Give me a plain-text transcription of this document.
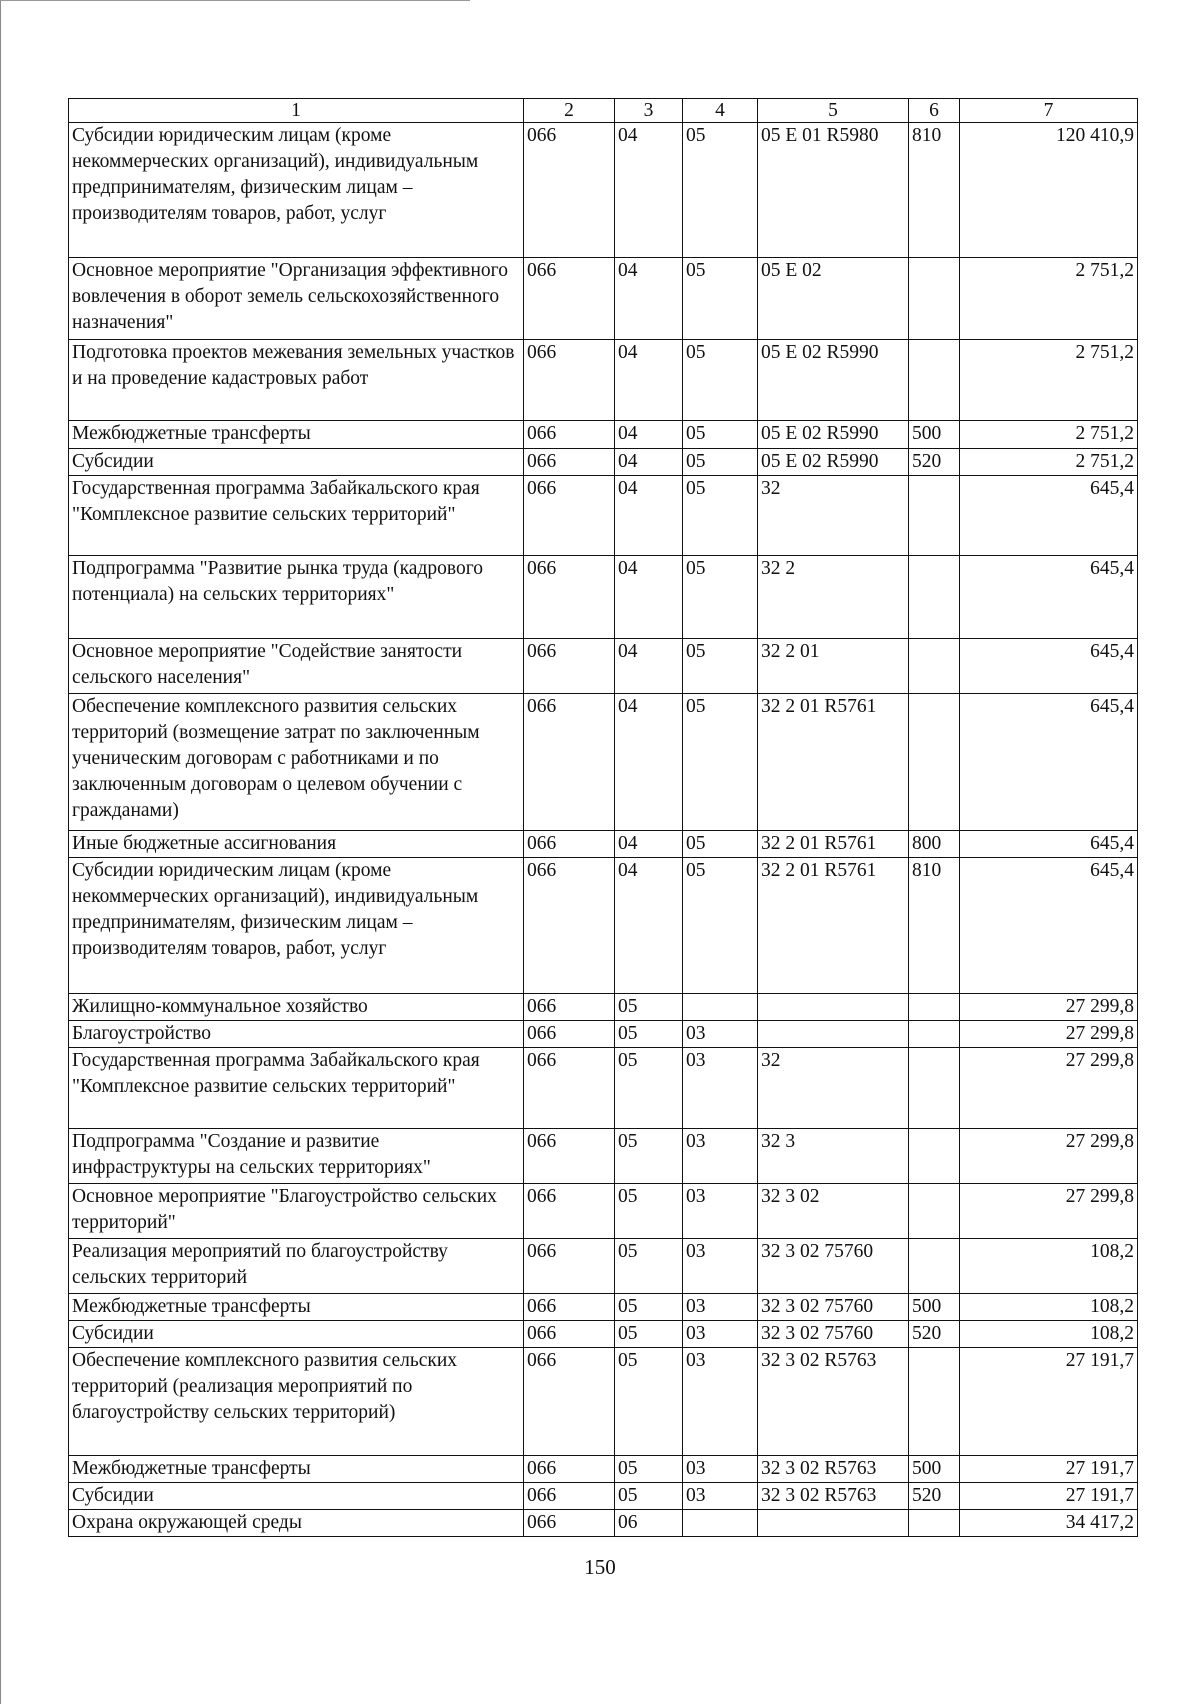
1	2	3	4	5	6	7
Субсидии юридическим лицам (кроме некоммерческих организаций), индивидуальным предпринимателям, физическим лицам – производителям товаров, работ, услуг	066	04	05	05 Е 01 R5980	810	120 410,9
Основное мероприятие "Организация эффективного вовлечения в оборот земель сельскохозяйственного назначения"	066	04	05	05 Е 02		2 751,2
Подготовка проектов межевания земельных участков и на проведение кадастровых работ	066	04	05	05 Е 02 R5990		2 751,2
Межбюджетные трансферты	066	04	05	05 Е 02 R5990	500	2 751,2
Субсидии	066	04	05	05 Е 02 R5990	520	2 751,2
Государственная программа Забайкальского края "Комплексное развитие сельских территорий"	066	04	05	32		645,4
Подпрограмма "Развитие рынка труда (кадрового потенциала) на сельских территориях"	066	04	05	32 2		645,4
Основное мероприятие "Содействие занятости сельского населения"	066	04	05	32 2 01		645,4
Обеспечение комплексного развития сельских территорий (возмещение затрат по заключенным ученическим договорам с работниками и по заключенным договорам о целевом обучении с гражданами)	066	04	05	32 2 01 R5761		645,4
Иные бюджетные ассигнования	066	04	05	32 2 01 R5761	800	645,4
Субсидии юридическим лицам (кроме некоммерческих организаций), индивидуальным предпринимателям, физическим лицам – производителям товаров, работ, услуг	066	04	05	32 2 01 R5761	810	645,4
Жилищно-коммунальное хозяйство	066	05				27 299,8
Благоустройство	066	05	03			27 299,8
Государственная программа Забайкальского края "Комплексное развитие сельских территорий"	066	05	03	32		27 299,8
Подпрограмма "Создание и развитие инфраструктуры на сельских территориях"	066	05	03	32 3		27 299,8
Основное мероприятие "Благоустройство сельских территорий"	066	05	03	32 3 02		27 299,8
Реализация мероприятий по благоустройству сельских территорий	066	05	03	32 3 02 75760		108,2
Межбюджетные трансферты	066	05	03	32 3 02 75760	500	108,2
Субсидии	066	05	03	32 3 02 75760	520	108,2
Обеспечение комплексного развития сельских территорий (реализация мероприятий по благоустройству сельских территорий)	066	05	03	32 3 02 R5763		27 191,7
Межбюджетные трансферты	066	05	03	32 3 02 R5763	500	27 191,7
Субсидии	066	05	03	32 3 02 R5763	520	27 191,7
Охрана окружающей среды	066	06				34 417,2
150
